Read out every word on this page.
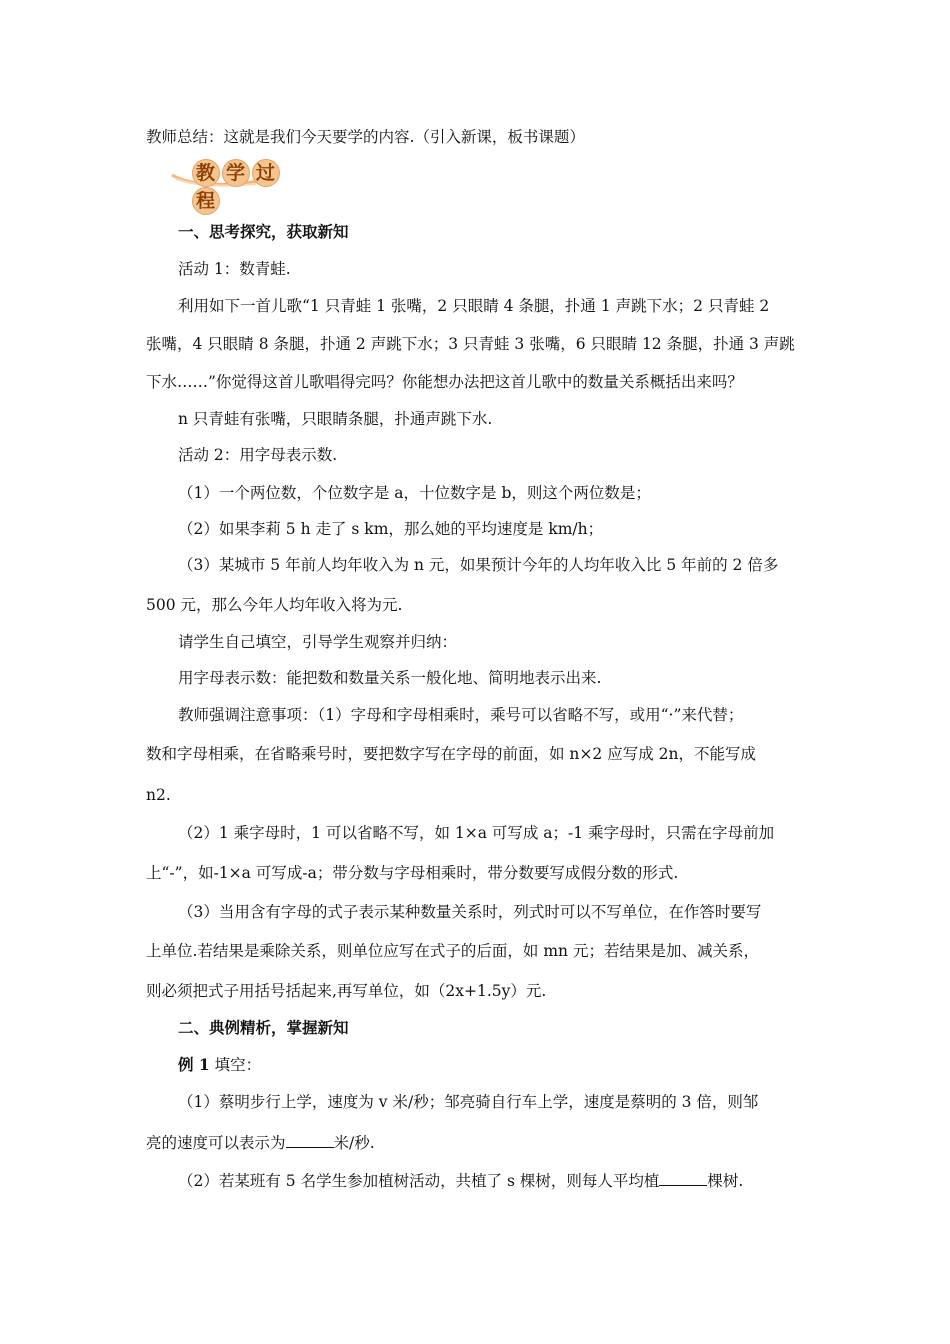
教师总结：这就是我们今天要学的内容.（引入新课，板书课题）
教 学 过程
一、思考探究，获取新知
活动 1：数青蛙.
利用如下一首儿歌“1 只青蛙 1 张嘴，2 只眼睛 4 条腿，扑通 1 声跳下水；2 只青蛙 2
张嘴，4 只眼睛 8 条腿，扑通 2 声跳下水；3 只青蛙 3 张嘴，6 只眼睛 12 条腿，扑通 3 声跳
下水……”你觉得这首儿歌唱得完吗？你能想办法把这首儿歌中的数量关系概括出来吗？
n 只青蛙有张嘴，只眼睛条腿，扑通声跳下水.
活动 2：用字母表示数.
（1）一个两位数，个位数字是 a，十位数字是 b，则这个两位数是；
（2）如果李莉 5 h 走了 s km，那么她的平均速度是 km/h；
（3）某城市 5 年前人均年收入为 n 元，如果预计今年的人均年收入比 5 年前的 2 倍多
500 元，那么今年人均年收入将为元.
请学生自己填空，引导学生观察并归纳：
用字母表示数：能把数和数量关系一般化地、简明地表示出来.
教师强调注意事项：（1）字母和字母相乘时，乘号可以省略不写，或用“·”来代替；
数和字母相乘，在省略乘号时，要把数字写在字母的前面，如 n×2 应写成 2n，不能写成
n2.
（2）1 乘字母时，1 可以省略不写，如 1×a 可写成 a；-1 乘字母时，只需在字母前加
上“-”，如-1×a 可写成-a；带分数与字母相乘时，带分数要写成假分数的形式.
（3）当用含有字母的式子表示某种数量关系时，列式时可以不写单位，在作答时要写
上单位.若结果是乘除关系，则单位应写在式子的后面，如 mn 元；若结果是加、减关系，
则必须把式子用括号括起来,再写单位，如（2x+1.5y）元.
二、典例精析，掌握新知
例 1 填空：
（1）蔡明步行上学，速度为 v 米/秒；邹亮骑自行车上学，速度是蔡明的 3 倍，则邹
亮的速度可以表示为	米/秒.
（2）若某班有 5 名学生参加植树活动，共植了 s 棵树，则每人平均植	棵树.
